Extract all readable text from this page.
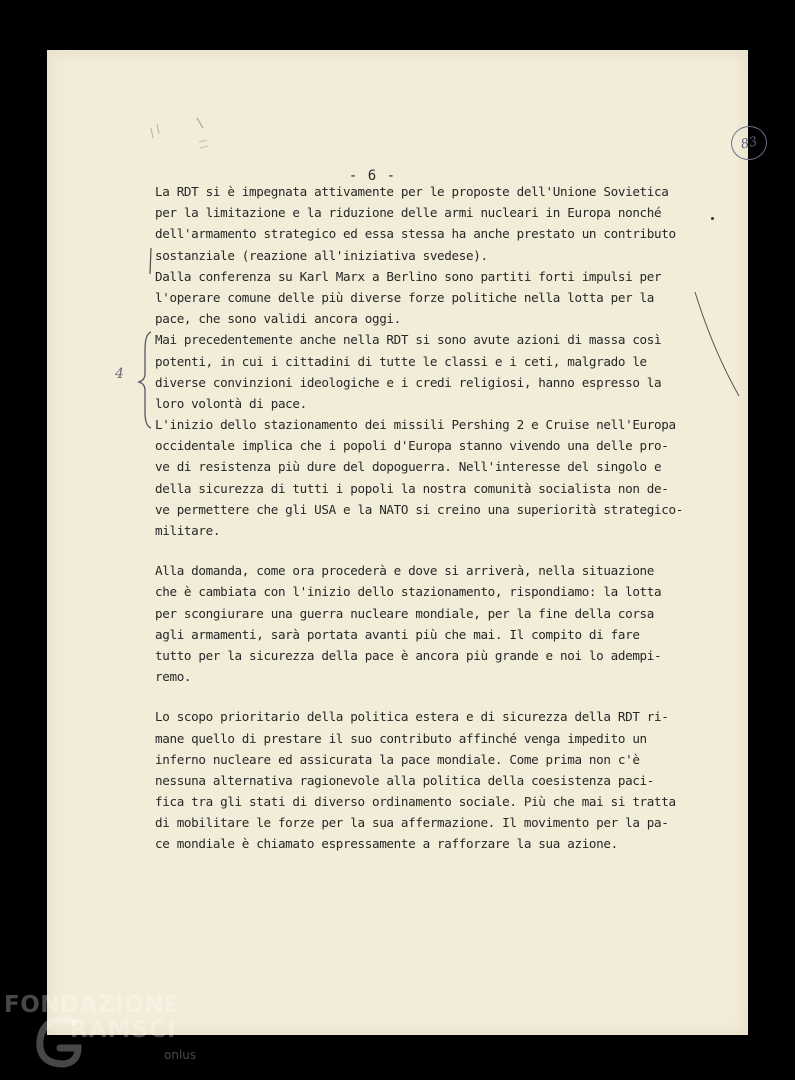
- 6 -
83
4
La RDT si è impegnata attivamente per le proposte dell'Unione Sovietica
per la limitazione e la riduzione delle armi nucleari in Europa nonché
dell'armamento strategico ed essa stessa ha anche prestato un contributo
sostanziale (reazione all'iniziativa svedese).
Dalla conferenza su Karl Marx a Berlino sono partiti forti impulsi per
l'operare comune delle più diverse forze politiche nella lotta per la
pace, che sono validi ancora oggi.
Mai precedentemente anche nella RDT si sono avute azioni di massa così
potenti, in cui i cittadini di tutte le classi e i ceti, malgrado le
diverse convinzioni ideologiche e i credi religiosi, hanno espresso la
loro volontà di pace.
L'inizio dello stazionamento dei missili Pershing 2 e Cruise nell'Europa
occidentale implica che i popoli d'Europa stanno vivendo una delle pro-
ve di resistenza più dure del dopoguerra. Nell'interesse del singolo e
della sicurezza di tutti i popoli la nostra comunità socialista non de-
ve permettere che gli USA e la NATO si creino una superiorità strategico-
militare.
Alla domanda, come ora procederà e dove si arriverà, nella situazione
che è cambiata con l'inizio dello stazionamento, rispondiamo: la lotta
per scongiurare una guerra nucleare mondiale, per la fine della corsa
agli armamenti, sarà portata avanti più che mai. Il compito di fare
tutto per la sicurezza della pace è ancora più grande e noi lo adempi-
remo.
Lo scopo prioritario della politica estera e di sicurezza della RDT ri-
mane quello di prestare il suo contributo affinché venga impedito un
inferno nucleare ed assicurata la pace mondiale. Come prima non c'è
nessuna alternativa ragionevole alla politica della coesistenza paci-
fica tra gli stati di diverso ordinamento sociale. Più che mai si tratta
di mobilitare le forze per la sua affermazione. Il movimento per la pa-
ce mondiale è chiamato espressamente a rafforzare la sua azione.
FONDAZIONE
RAMSCI
onlus
